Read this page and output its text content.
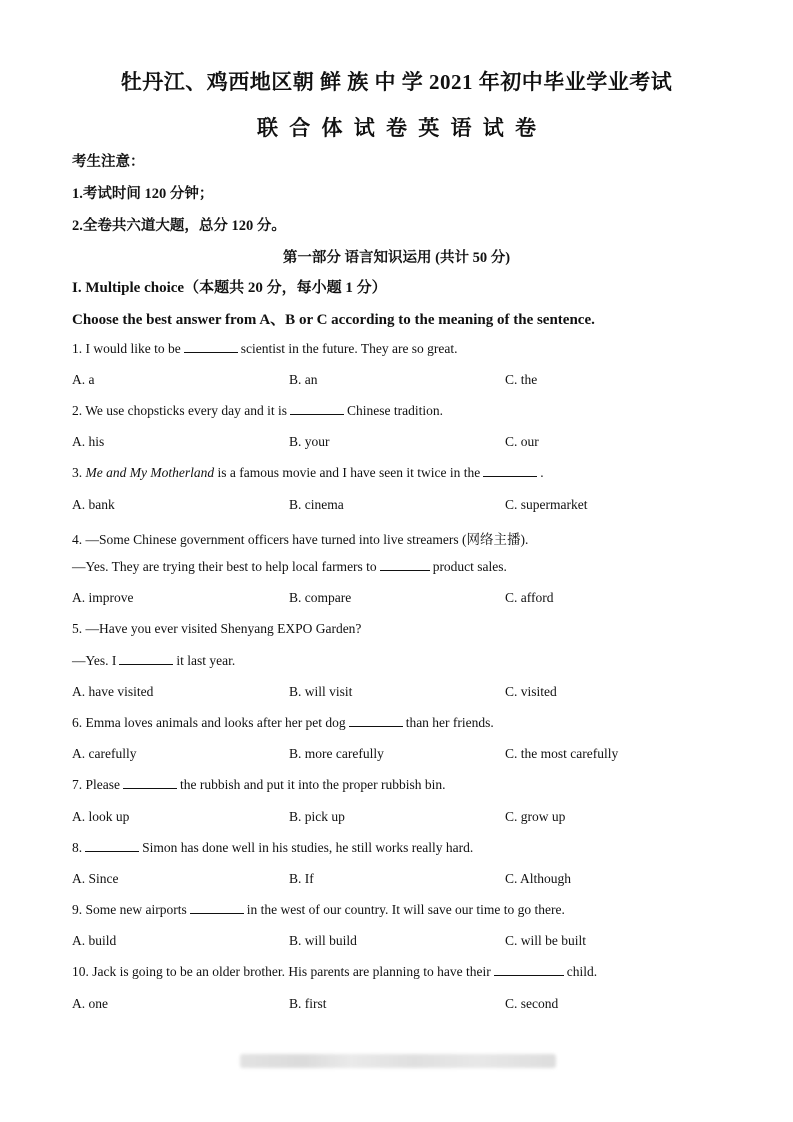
牡丹江、鸡西地区朝 鲜 族 中 学 2021 年初中毕业学业考试
联 合 体 试 卷 英 语 试 卷
考生注意：
1.考试时间 120 分钟；
2.全卷共六道大题，总分 120 分。
第一部分 语言知识运用 (共计 50 分)
I. Multiple choice（本题共 20 分，每小题 1 分）
Choose the best answer from A、B or C according to the meaning of the sentence.
1. I would like to be	scientist in the future. They are so great.
A. a	B. an	C. the
2. We use chopsticks every day and it is	Chinese tradition.
A. his	B. your	C. our
3. Me and My Motherland is a famous movie and I have seen it twice in the	.
A. bank	B. cinema	C. supermarket
4. —Some Chinese government officers have turned into live streamers (网络主播).
—Yes. They are trying their best to help local farmers to	product sales.
A. improve	B. compare	C. afford
5. —Have you ever visited Shenyang EXPO Garden?
—Yes. I	it last year.
A. have visited	B. will visit	C. visited
6. Emma loves animals and looks after her pet dog	than her friends.
A. carefully	B. more carefully	C. the most carefully
7. Please	the rubbish and put it into the proper rubbish bin.
A. look up	B. pick up	C. grow up
8.	Simon has done well in his studies, he still works really hard.
A. Since	B. If	C. Although
9. Some new airports	in the west of our country. It will save our time to go there.
A. build	B. will build	C. will be built
10. Jack is going to be an older brother. His parents are planning to have their	child.
A. one	B. first	C. second
